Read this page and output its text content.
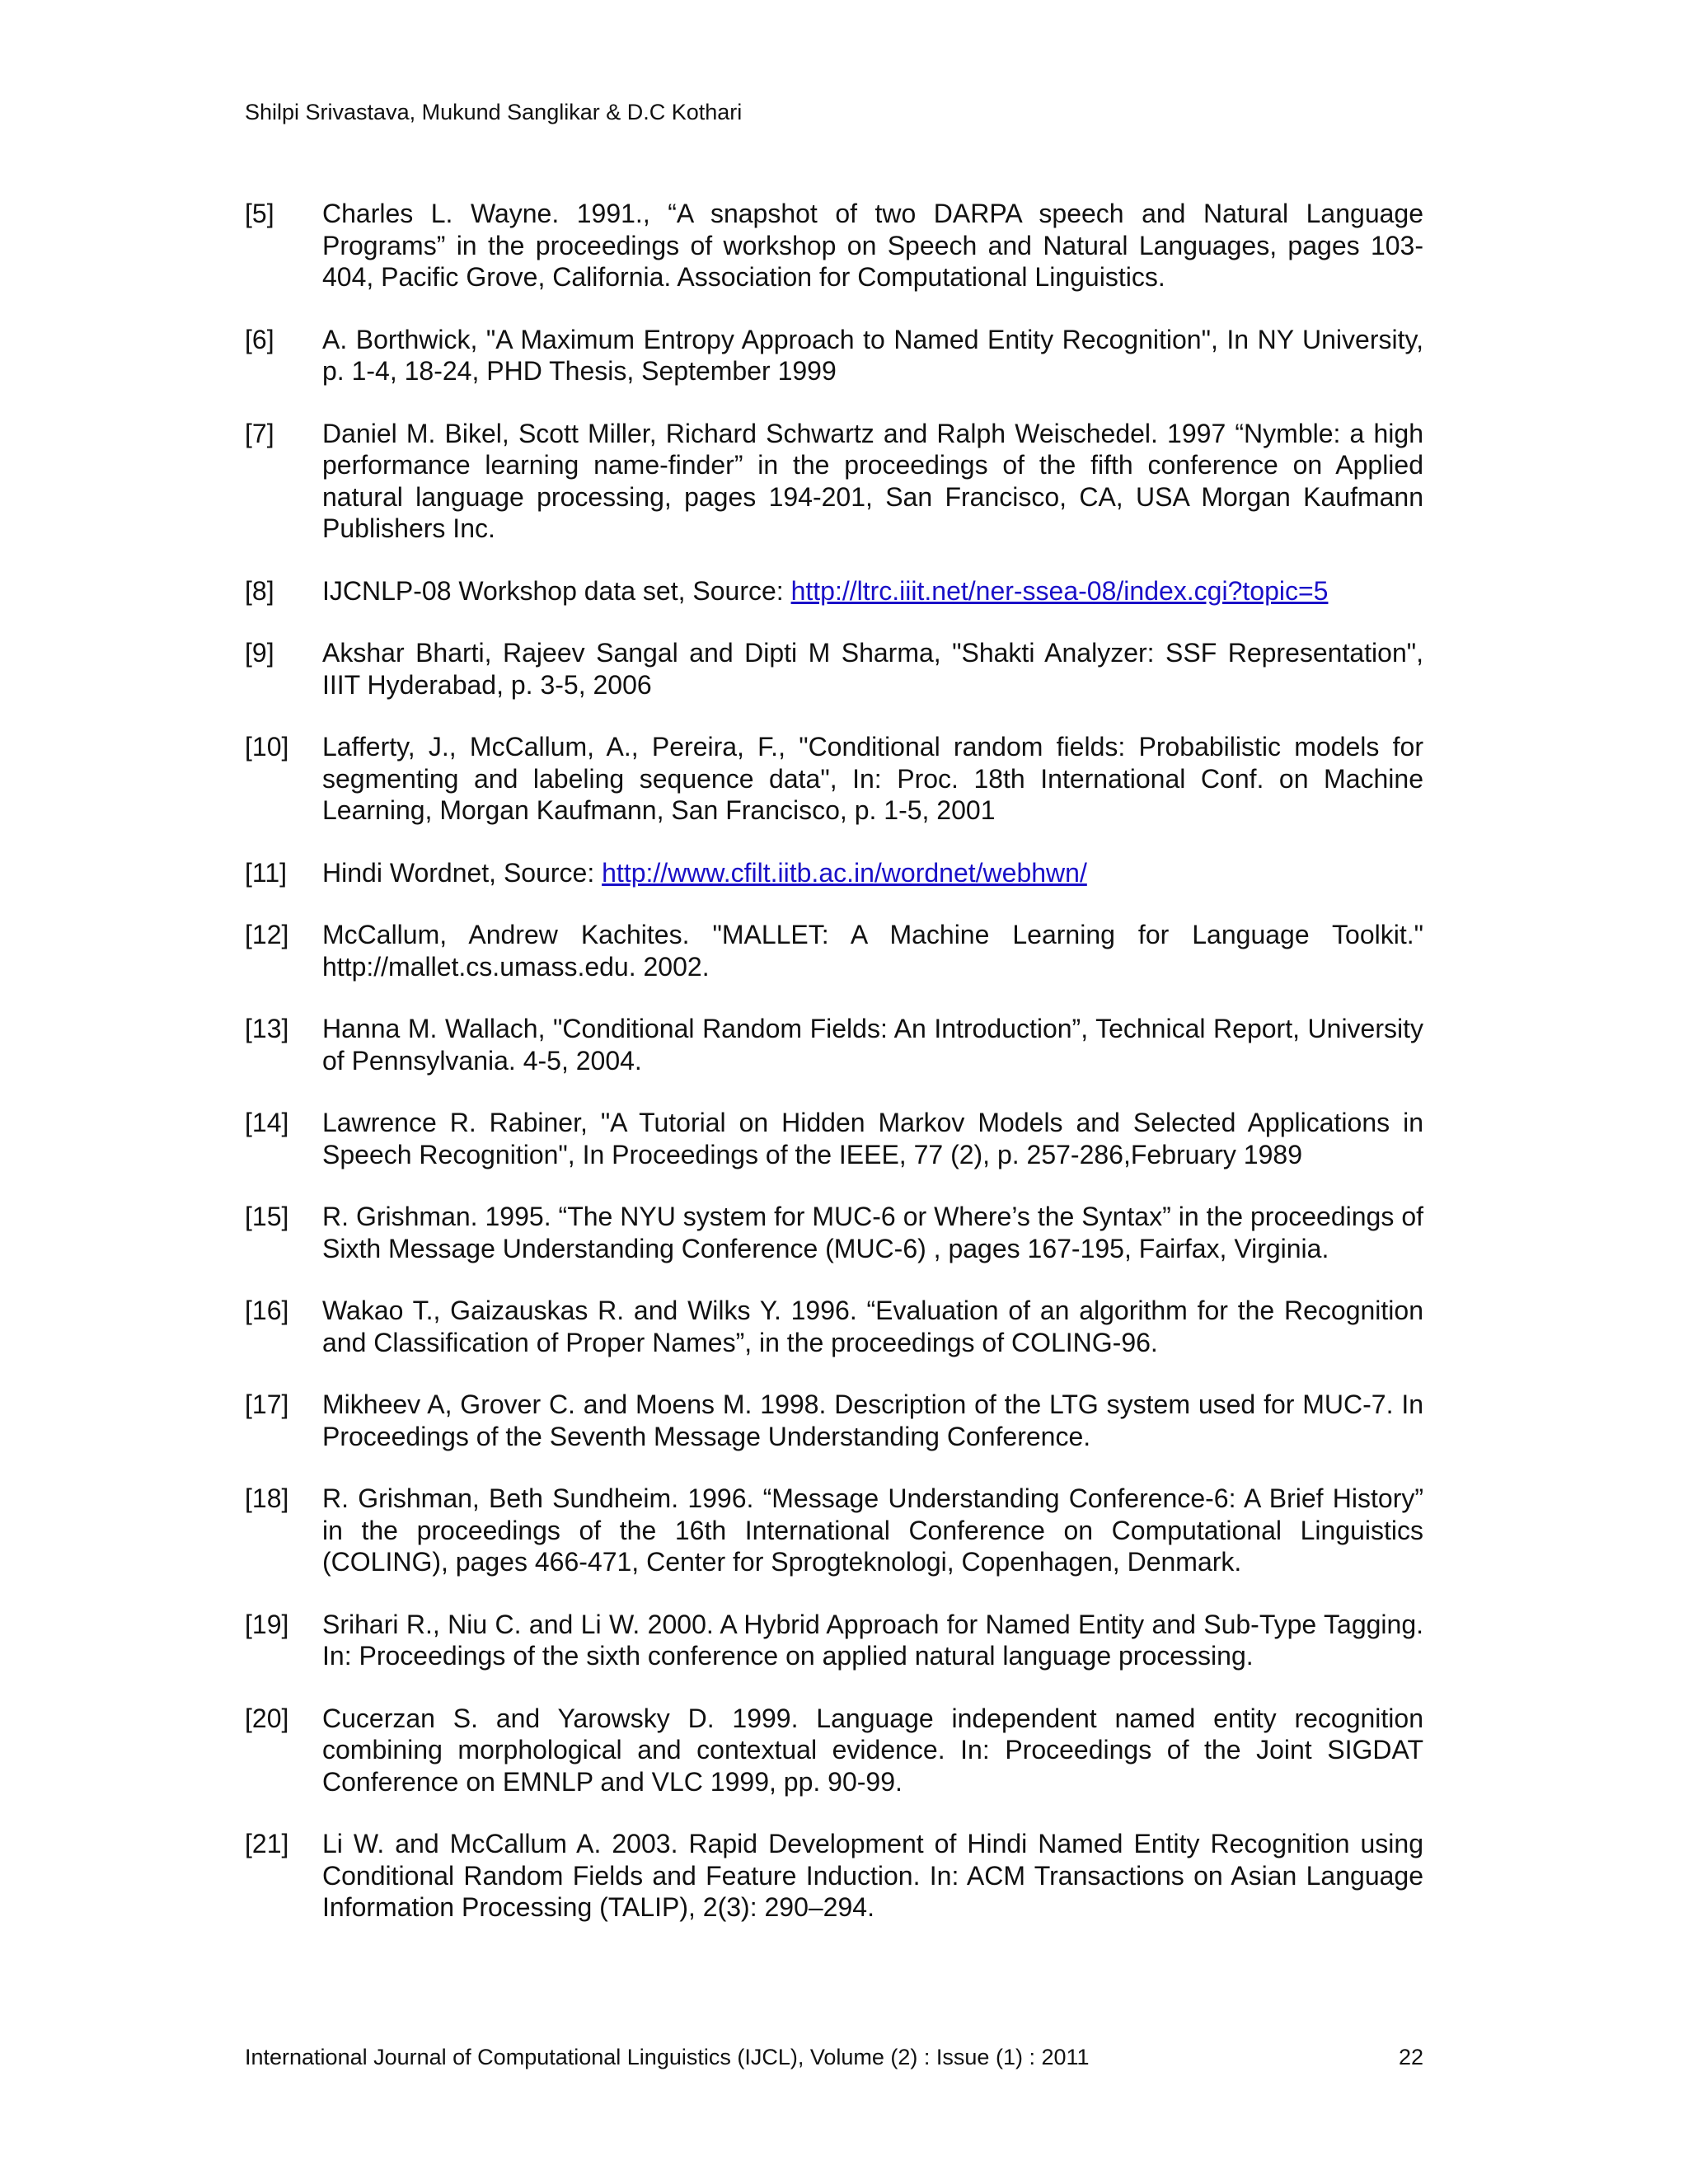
Shilpi Srivastava, Mukund Sanglikar & D.C Kothari
[5] Charles L. Wayne. 1991., “A snapshot of two DARPA speech and Natural Language Programs” in the proceedings of workshop on Speech and Natural Languages, pages 103-404, Pacific Grove, California. Association for Computational Linguistics.
[6] A. Borthwick, "A Maximum Entropy Approach to Named Entity Recognition", In NY University, p. 1-4, 18-24, PHD Thesis, September 1999
[7] Daniel M. Bikel, Scott Miller, Richard Schwartz and Ralph Weischedel. 1997 “Nymble: a high performance learning name-finder” in the proceedings of the fifth conference on Applied natural language processing, pages 194-201, San Francisco, CA, USA Morgan Kaufmann Publishers Inc.
[8] IJCNLP-08 Workshop data set, Source: http://ltrc.iiit.net/ner-ssea-08/index.cgi?topic=5
[9] Akshar Bharti, Rajeev Sangal and Dipti M Sharma, "Shakti Analyzer: SSF Representation", IIIT Hyderabad, p. 3-5, 2006
[10] Lafferty, J., McCallum, A., Pereira, F., "Conditional random fields: Probabilistic models for segmenting and labeling sequence data", In: Proc. 18th International Conf. on Machine Learning, Morgan Kaufmann, San Francisco, p. 1-5, 2001
[11] Hindi Wordnet, Source: http://www.cfilt.iitb.ac.in/wordnet/webhwn/
[12] McCallum, Andrew Kachites. "MALLET: A Machine Learning for Language Toolkit." http://mallet.cs.umass.edu. 2002.
[13] Hanna M. Wallach, "Conditional Random Fields: An Introduction”, Technical Report, University of Pennsylvania. 4-5, 2004.
[14] Lawrence R. Rabiner, "A Tutorial on Hidden Markov Models and Selected Applications in Speech Recognition", In Proceedings of the IEEE, 77 (2), p. 257-286,February 1989
[15] R. Grishman. 1995. “The NYU system for MUC-6 or Where’s the Syntax” in the proceedings of Sixth Message Understanding Conference (MUC-6) , pages 167-195, Fairfax, Virginia.
[16] Wakao T., Gaizauskas R. and Wilks Y. 1996. “Evaluation of an algorithm for the Recognition and Classification of Proper Names”, in the proceedings of COLING-96.
[17] Mikheev A, Grover C. and Moens M. 1998. Description of the LTG system used for MUC-7. In Proceedings of the Seventh Message Understanding Conference.
[18] R. Grishman, Beth Sundheim. 1996. “Message Understanding Conference-6: A Brief History” in the proceedings of the 16th International Conference on Computational Linguistics (COLING), pages 466-471, Center for Sprogteknologi, Copenhagen, Denmark.
[19] Srihari R., Niu C. and Li W. 2000. A Hybrid Approach for Named Entity and Sub-Type Tagging. In: Proceedings of the sixth conference on applied natural language processing.
[20] Cucerzan S. and Yarowsky D. 1999. Language independent named entity recognition combining morphological and contextual evidence. In: Proceedings of the Joint SIGDAT Conference on EMNLP and VLC 1999, pp. 90-99.
[21] Li W. and McCallum A. 2003. Rapid Development of Hindi Named Entity Recognition using Conditional Random Fields and Feature Induction. In: ACM Transactions on Asian Language Information Processing (TALIP), 2(3): 290–294.
International Journal of Computational Linguistics (IJCL), Volume (2) : Issue (1) : 2011	22
